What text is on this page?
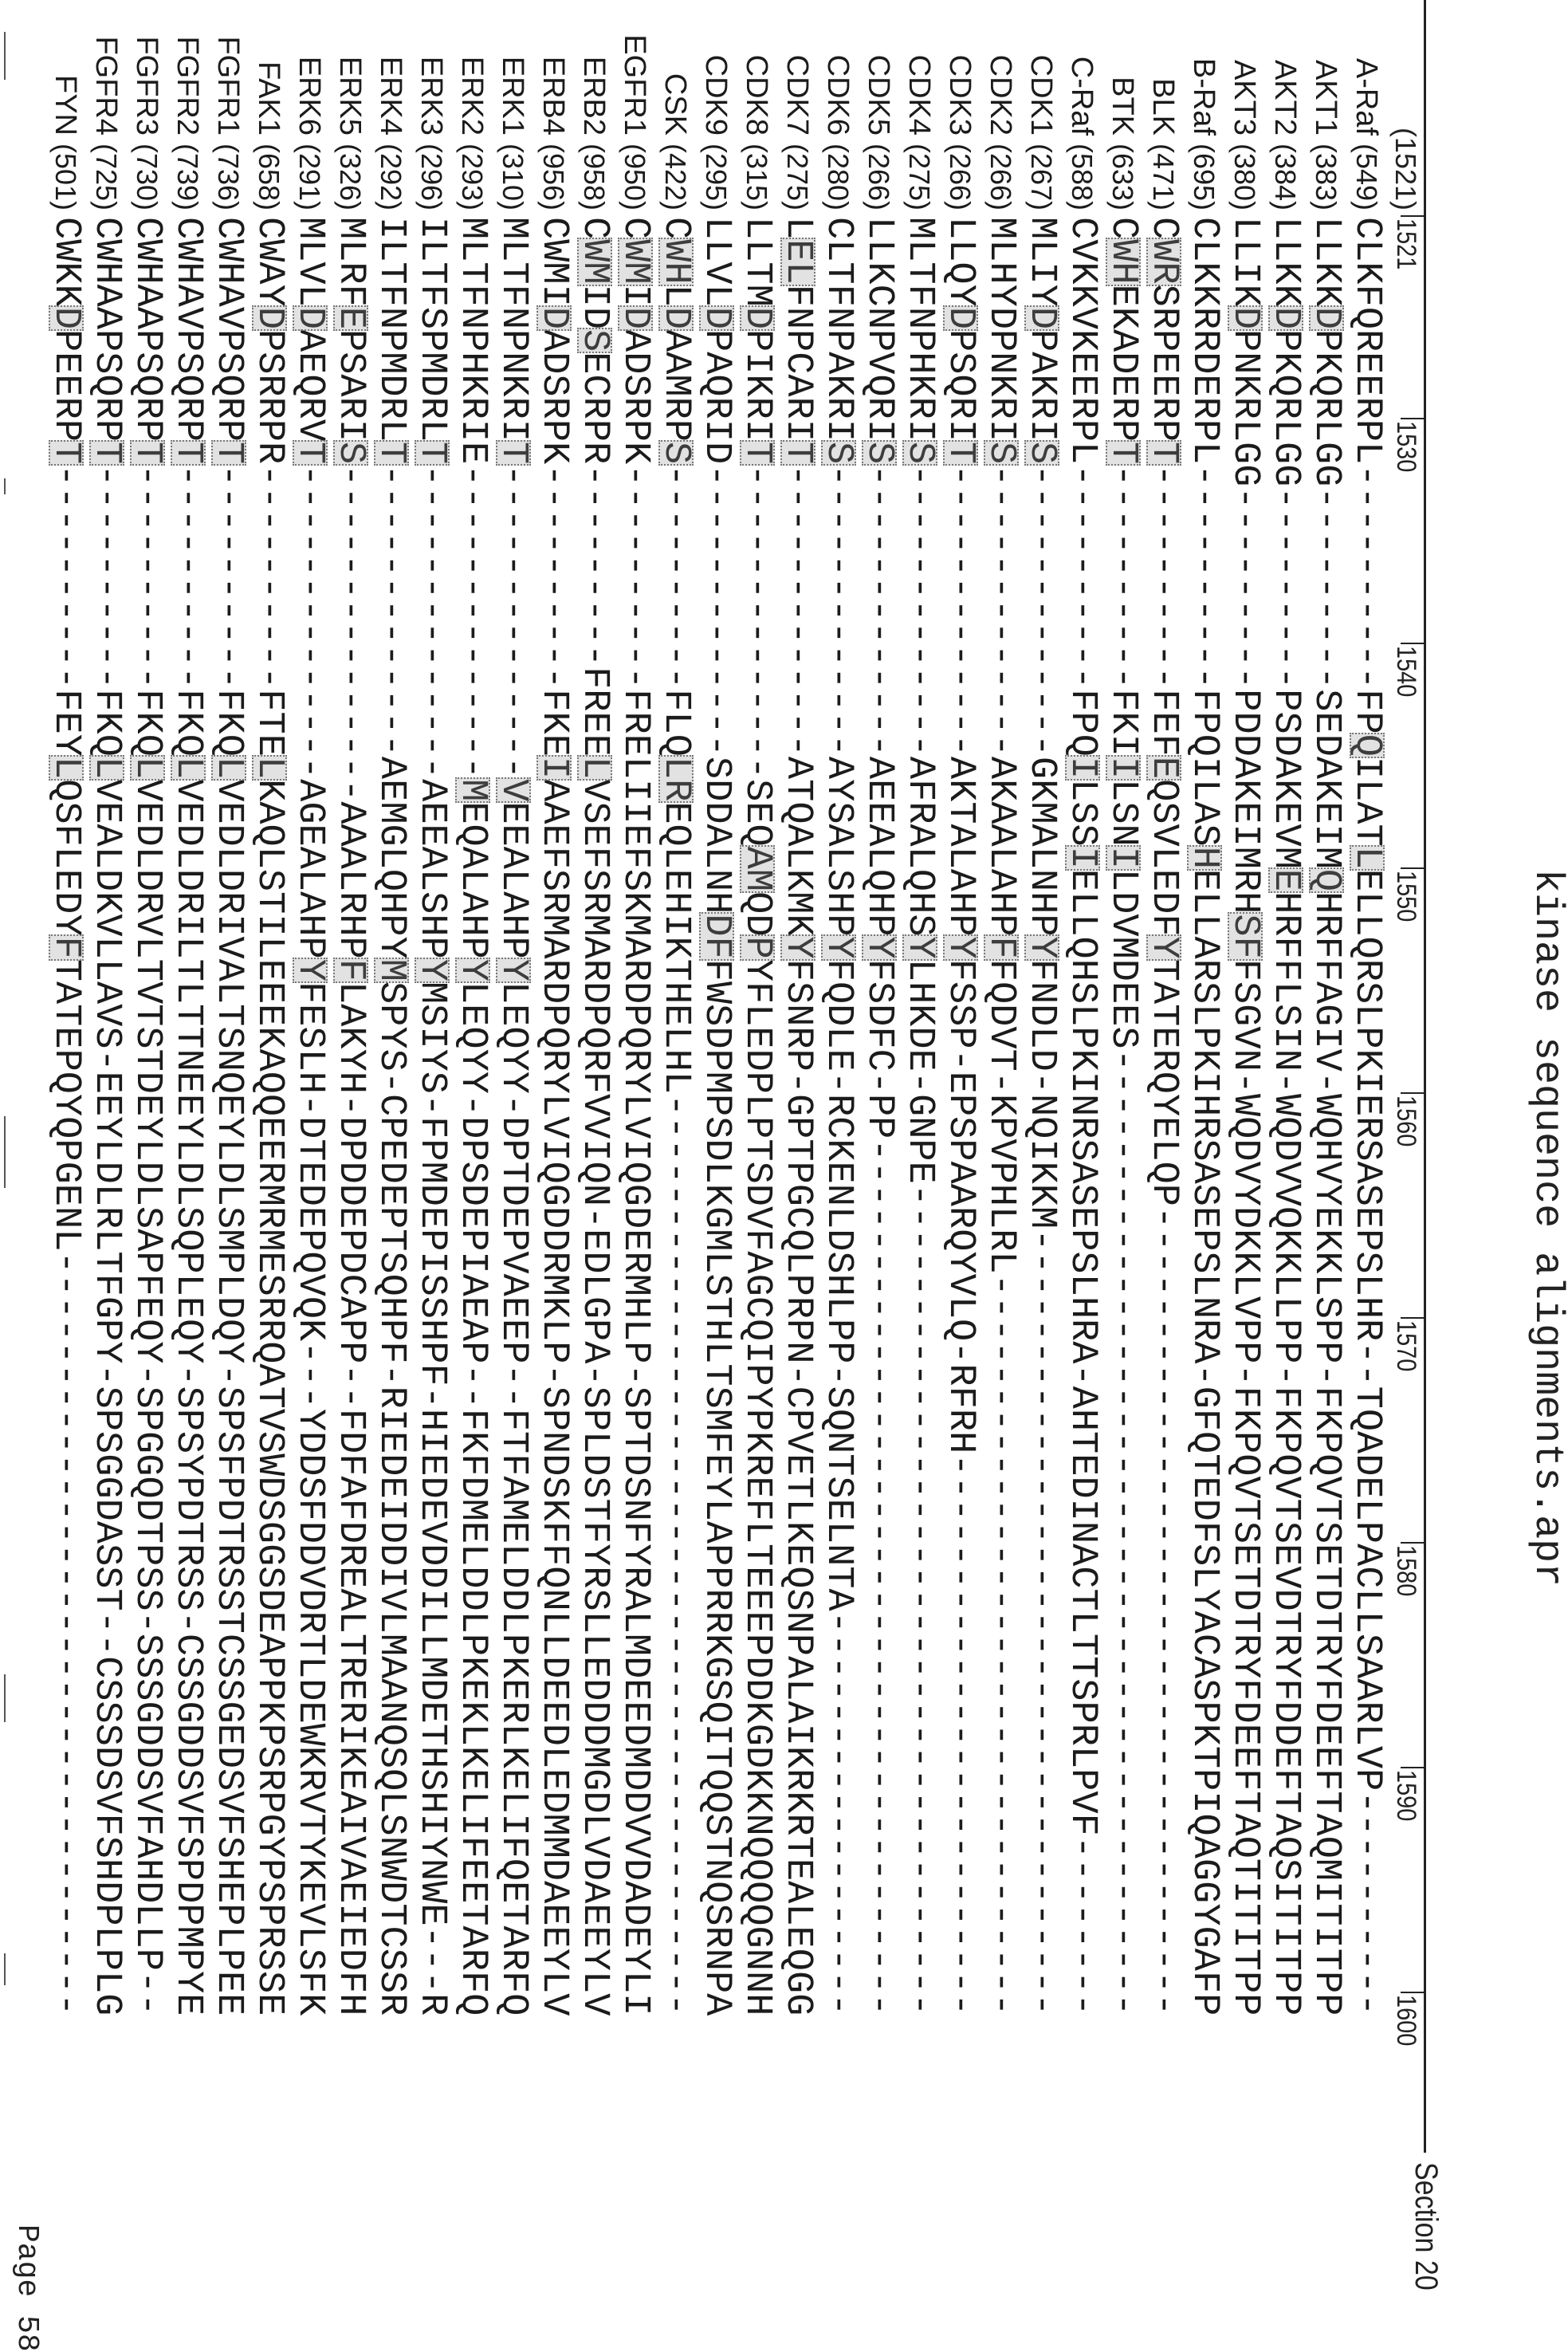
kinase sequence alignments.apr
Section 20
(1521)
1521
1530
1540
1550
1560
1570
1580
1590
1600
A-Raf
(549)
CLKFQREERPL----------FPQILATLELLQRSLPKIERSASEPSLHR--TQADELPACLLSAARLVP----------
AKT1
(383)
LLKKDPKQRLGG---------SEDAKEIMQHRFFAGIV-WQHVYEKKLSPP-FKPQVTSETDTRYFDEEFTAQMITITPP
AKT2
(384)
LLKKDPKQRLGG---------PSDAKEVMEHRFFLSIN-WQDVVQKKLLPP-FKPQVTSEVDTRYFDDEFTAQSITITPP
AKT3
(380)
LLIKDPNKRLGG---------PDDAKEIMRHSFFSGVN-WQDVYDKKLVPP-FKPQVTSETDTRYFDEEFTAQTITITPP
B-Raf
(695)
CLKKRRDERPL----------FPQILASHELLARSLPKIHRSASEPSLNRA-GFQTEDFSLYACASPKTPIQAGGYGAFP
BLK
(471)
CWRSRPEERPT----------FEFEQSVLEDFYTATERQYELQP------------------------------------
BTK
(633)
CWHEKADERPT----------FKIILSNILDVMDEES-------------------------------------------
C-Raf
(588)
CVKKVKEERPL----------FPQILSSIELLQHSLPKINRSASEPSLHRA-AHTEDINACTLTTSPRLPVF--------
CDK1
(267)
MLIYDPAKRIS-------------GKMALNHPYFNDLD-NQIKKM-----------------------------------
CDK2
(266)
MLHYDPNKRIS-------------AKAALAHPFFQDVT-KPVPHLRL---------------------------------
CDK3
(266)
LLQYDPSQRIT-------------AKTALAHPYFSSP-EPSPAARQYVLQ-RFRH-------------------------
CDK4
(275)
MLTFNPHKRIS-------------AFRALQHSYLHKDE-GNPE-------------------------------------
CDK5
(266)
LLKCNPVQRIS-------------AEEALQHPYFSDFC-PP---------------------------------------
CDK6
(280)
CLTFNPAKRIS-------------AYSALSHPYFQDLE-RCKENLDSHLPP-SQNTSELNTA------------------
CDK7
(275)
LELFNPCARIT-------------ATQALKMKYFSNRP-GPTPGCQLPRPN-CPVETLKEQSNPALAIKRKRTEALEQGG
CDK8
(315)
LLTMDPIKRIT--------------SEQAMQDPYFLEDPLPTSDVFAGCQIPYPKREFLTEEEPDDKGDKKNQQQQGNNH
CDK9
(295)
LLVLDPAQRID-------------SDDALNHDFFWSDPMPSDLKGMLSTHLTSMFEYLAPPRRKGSQITQQSTNQSRNPA
CSK
(422)
CWHLDAAMRPS----------FLQLREQLEHIKTHELHL-----------------------------------------
EGFR1
(950)
CWMIDADSRPK----------FRELIIEFSKMARDPQRYLVIQGDERMHLP-SPTDSNFYRALMDEEDMDDVVDADEYLI
ERB2
(958)
CWMIDSECRPR---------FREELVSEFSRMARDPQRFVVIQN-EDLGPA-SPLDSTFYRSLLEDDDMGDLVDAEEYLV
ERB4
(956)
CWMIDADSRPK----------FKEIAAEFSRMARDPQRYLVIQGDDRMKLP-SPNDSKFFQNLLDEEDLEDMMDAEEYLV
ERK1
(310)
MLTFNPNKRIT--------------VEEALAHPYLEQYY-DPTDEPVAEEP--FTFAMELDDLPKERLKELIFQETARFQ
ERK2
(293)
MLTFNPHKRIE--------------MEQALAHPYLEQYY-DPSDEPIAEAP--FKFDMELDDLPKEKLKELIFEETARFQ
ERK3
(296)
ILTFSPMDRLT--------------AEEALSHPYMSIYS-FPMDEPISSHPF-HIEDEVDDILLMDETHSHIYNWE---R
ERK4
(292)
ILTFNPMDRLT-------------AEMGLQHPYMSPYS-CPEDEPTSQHPF-RIEDEIDDIVLMAANQSQLSNWDTCSSR
ERK5
(326)
MLRFEPSARIS---------------AAALRHPFLAKYH-DPDDEPDCAPP--FDFAFDREALTRERIKEAIVAEIEDFH
ERK6
(291)
MLVLDAEQRVT--------------AGEALAHPYFESLH-DTEDEPQVQK---YDDSFDDVDRTLDEWKRVTYKEVLSFK
FAK1
(658)
CWAYDPSRRPR----------FTELKAQLSTILEEEKAQQEERMRMESRRQATVSWDSGGSDEAPPKPSRPGYPSPRSSE
FGFR1
(736)
CWHAVPSQRPT----------FKQLVEDLDRIVALTSNQEYLDLSMPLDQY-SPSFPDTRSSTCSSGEDSVFSHEPLPEE
FGFR2
(739)
CWHAVPSQRPT----------FKQLVEDLDRILTLTTNEEYLDLSQPLEQY-SPSYPDTRSS-CSSGDDSVFSPDPMPYE
FGFR3
(730)
CWHAAPSQRPT----------FKQLVEDLDRVLTVTSTDEYLDLSAPFEQY-SPGGQDTPSS-SSSGDDSVFAHDLLP--
FGFR4
(725)
CWHAAPSQRPT----------FKQLVEALDKVLLAVS-EEYLDLRLTFGPY-SPSGGDASST--CSSSDSVFSHDPLPLG
FYN
(501)
CWKKDPEERPT----------FEYLQSFLEDYFTATEPQYQPGENL----------------------------------
Page 58
